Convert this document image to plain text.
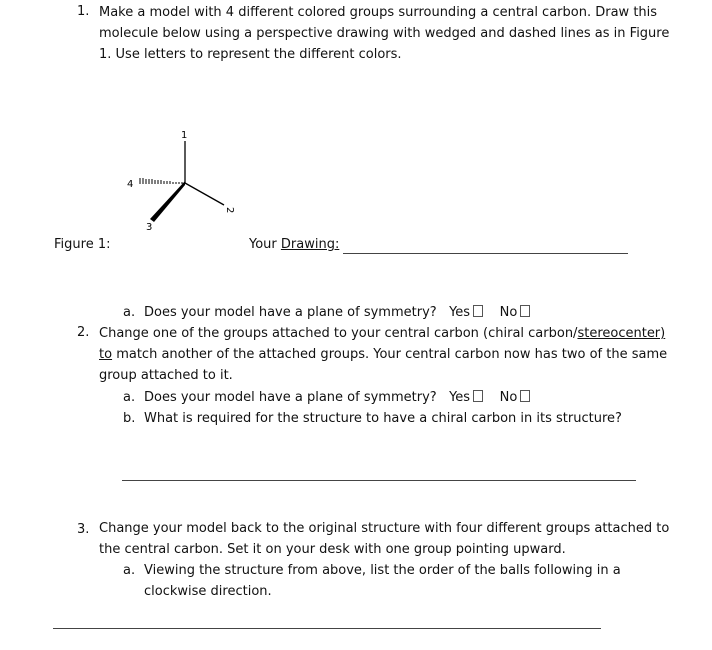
1. Make a model with 4 different colored groups surrounding a central carbon. Draw this
molecule below using a perspective drawing with wedged and dashed lines as in Figure
1. Use letters to represent the different colors.
1
4
2
3
Figure 1:	Your Drawing:
a. Does your model have a plane of symmetry? Yes No
2. Change one of the groups attached to your central carbon (chiral carbon/stereocenter)
to match another of the attached groups. Your central carbon now has two of the same
group attached to it.
a. Does your model have a plane of symmetry? Yes No
b. What is required for the structure to have a chiral carbon in its structure?
3. Change your model back to the original structure with four different groups attached to
the central carbon. Set it on your desk with one group pointing upward.
a. Viewing the structure from above, list the order of the balls following in a
clockwise direction.
